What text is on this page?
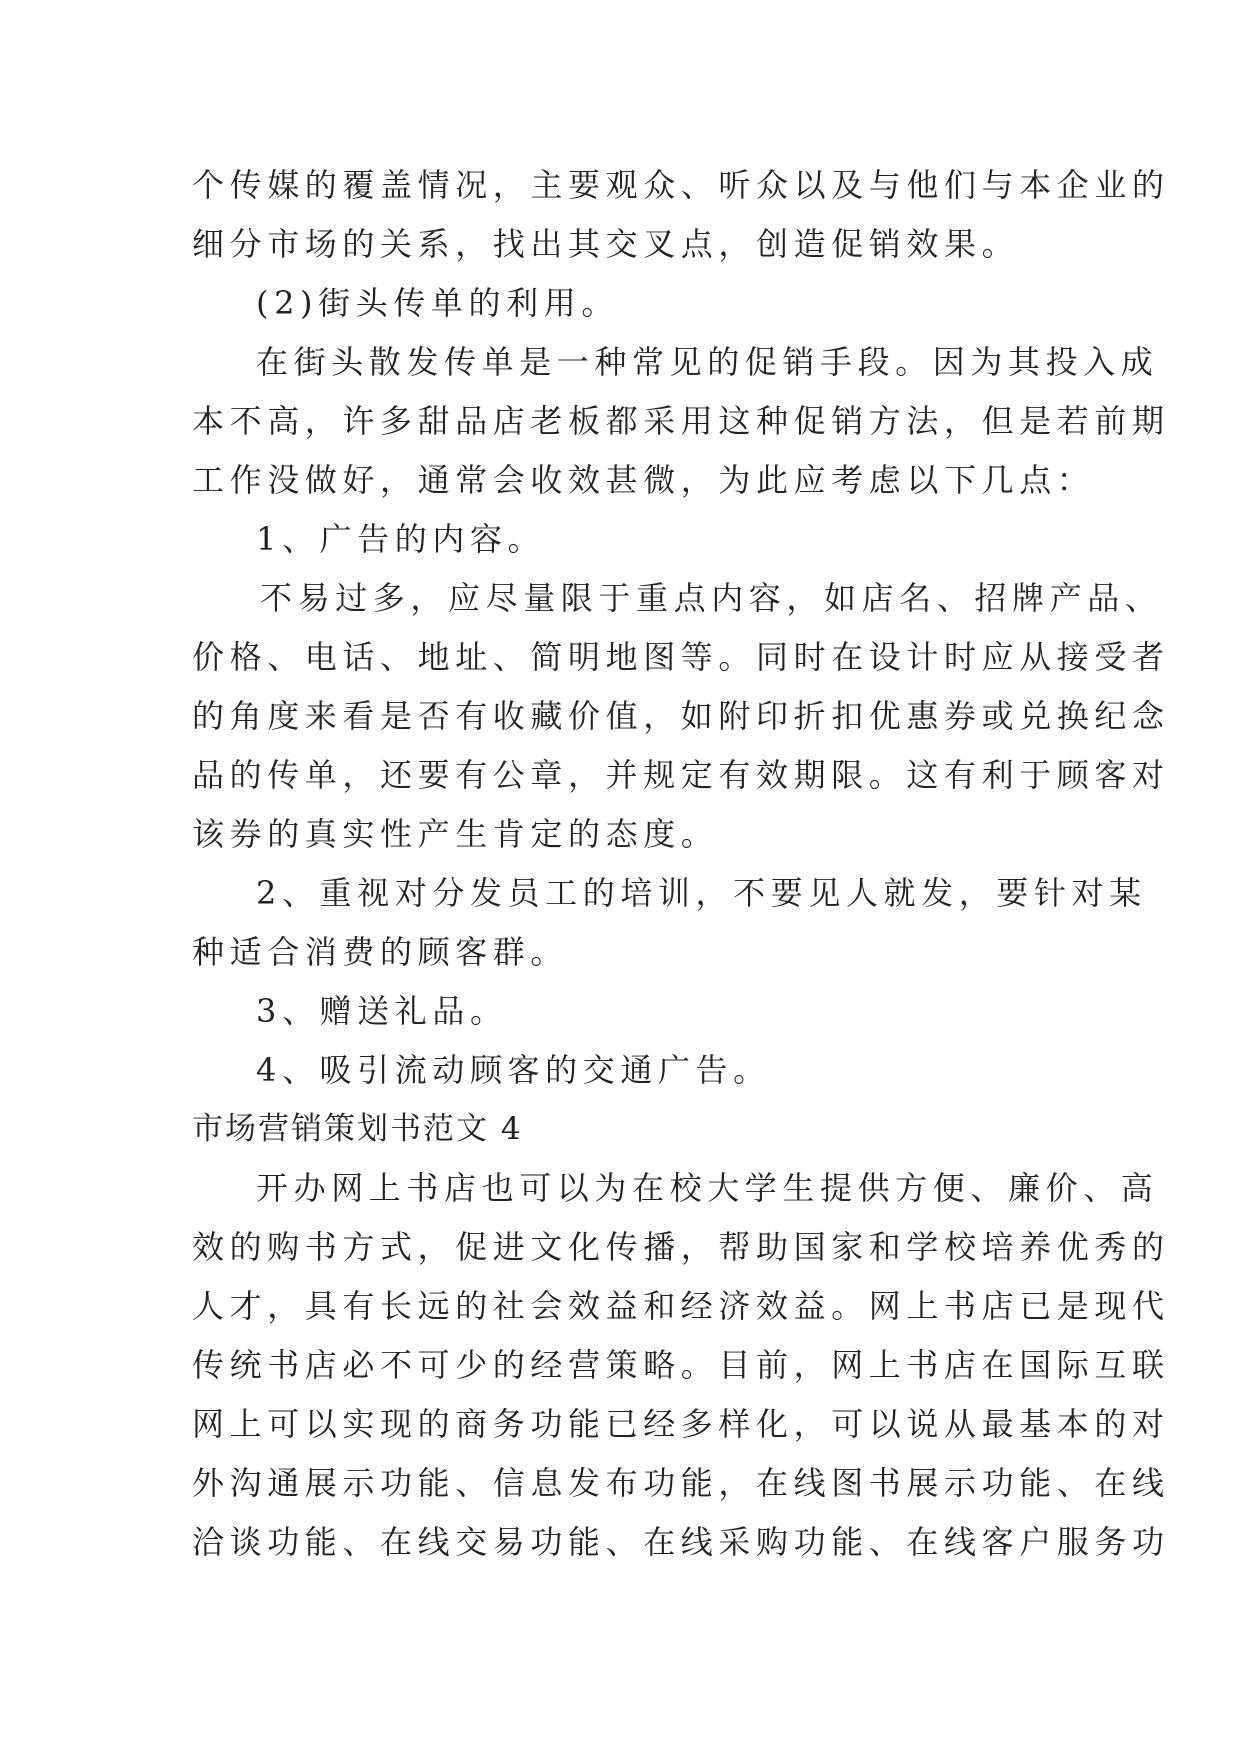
个传媒的覆盖情况，主要观众、听众以及与他们与本企业的
细分市场的关系，找出其交叉点，创造促销效果。
(2)街头传单的利用。
在街头散发传单是一种常见的促销手段。因为其投入成
本不高，许多甜品店老板都采用这种促销方法，但是若前期
工作没做好，通常会收效甚微，为此应考虑以下几点：
1、广告的内容。
不易过多，应尽量限于重点内容，如店名、招牌产品、
价格、电话、地址、简明地图等。同时在设计时应从接受者
的角度来看是否有收藏价值，如附印折扣优惠券或兑换纪念
品的传单，还要有公章，并规定有效期限。这有利于顾客对
该券的真实性产生肯定的态度。
2、重视对分发员工的培训，不要见人就发，要针对某
种适合消费的顾客群。
3、赠送礼品。
4、吸引流动顾客的交通广告。
市场营销策划书范文 4
开办网上书店也可以为在校大学生提供方便、廉价、高
效的购书方式，促进文化传播，帮助国家和学校培养优秀的
人才，具有长远的社会效益和经济效益。网上书店已是现代
传统书店必不可少的经营策略。目前，网上书店在国际互联
网上可以实现的商务功能已经多样化，可以说从最基本的对
外沟通展示功能、信息发布功能，在线图书展示功能、在线
洽谈功能、在线交易功能、在线采购功能、在线客户服务功
